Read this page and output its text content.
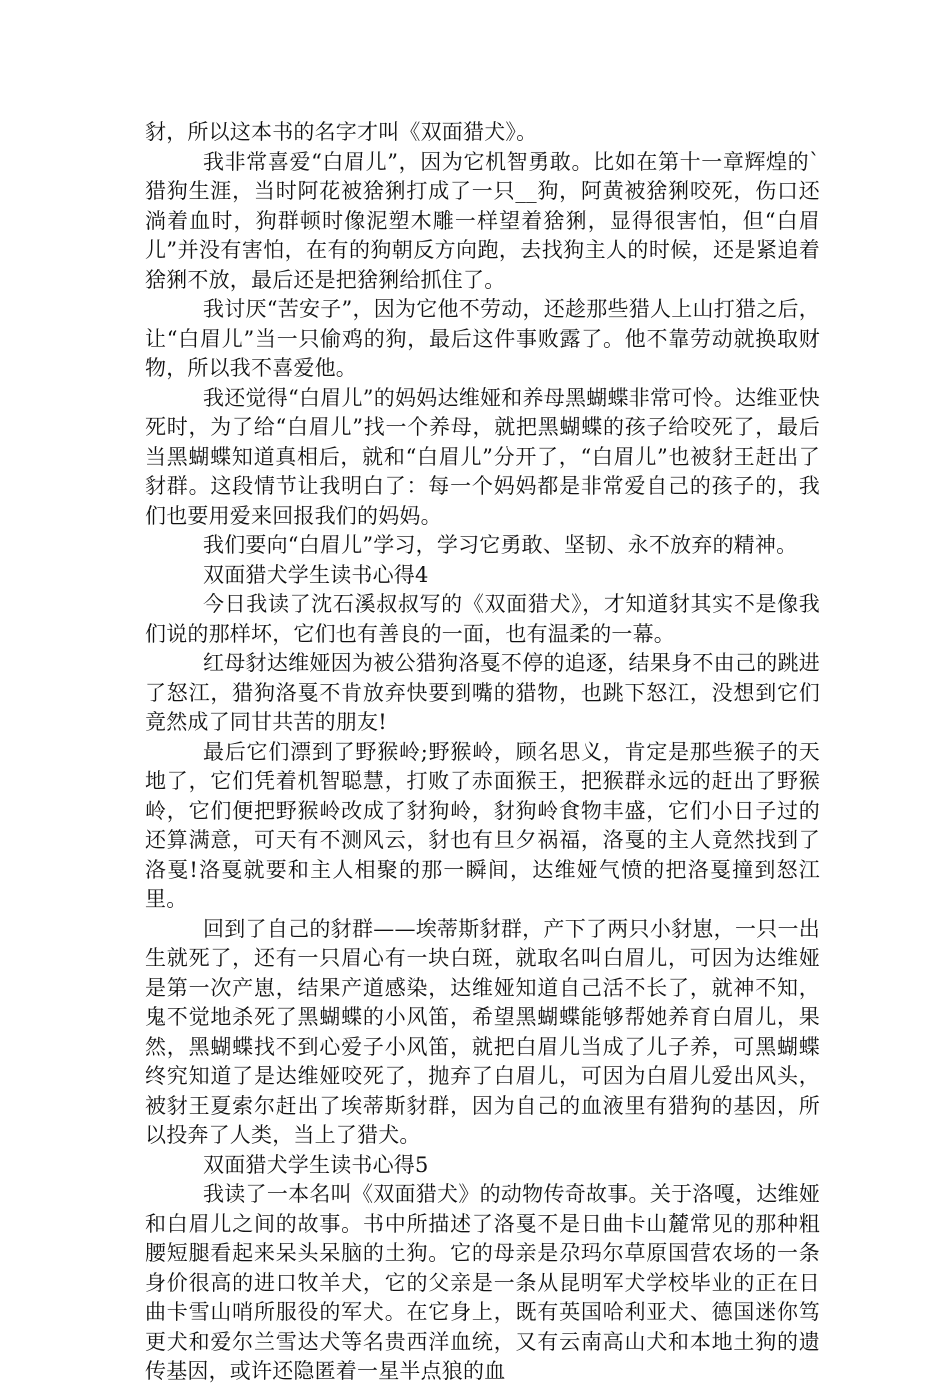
豺，所以这本书的名字才叫《双面猎犬》。

我非常喜爱“白眉儿”，因为它机智勇敢。比如在第十一章辉煌的`猎狗生涯，当时阿花被猞猁打成了一只__狗，阿黄被猞猁咬死，伤口还淌着血时，狗群顿时像泥塑木雕一样望着猞猁，显得很害怕，但“白眉儿”并没有害怕，在有的狗朝反方向跑，去找狗主人的时候，还是紧追着猞猁不放，最后还是把猞猁给抓住了。

我讨厌“苦安子”，因为它他不劳动，还趁那些猎人上山打猎之后，让“白眉儿”当一只偷鸡的狗，最后这件事败露了。他不靠劳动就换取财物，所以我不喜爱他。

我还觉得“白眉儿”的妈妈达维娅和养母黑蝴蝶非常可怜。达维亚快死时，为了给“白眉儿”找一个养母，就把黑蝴蝶的孩子给咬死了，最后当黑蝴蝶知道真相后，就和“白眉儿”分开了，“白眉儿”也被豺王赶出了豺群。这段情节让我明白了：每一个妈妈都是非常爱自己的孩子的，我们也要用爱来回报我们的妈妈。

我们要向“白眉儿”学习，学习它勇敢、坚韧、永不放弃的精神。

双面猎犬学生读书心得4

今日我读了沈石溪叔叔写的《双面猎犬》，才知道豺其实不是像我们说的那样坏，它们也有善良的一面，也有温柔的一幕。

红母豺达维娅因为被公猎狗洛戛不停的追逐，结果身不由己的跳进了怒江，猎狗洛戛不肯放弃快要到嘴的猎物，也跳下怒江，没想到它们竟然成了同甘共苦的朋友!

最后它们漂到了野猴岭;野猴岭，顾名思义，肯定是那些猴子的天地了，它们凭着机智聪慧，打败了赤面猴王，把猴群永远的赶出了野猴岭，它们便把野猴岭改成了豺狗岭，豺狗岭食物丰盛，它们小日子过的还算满意，可天有不测风云，豺也有旦夕祸福，洛戛的主人竟然找到了洛戛!洛戛就要和主人相聚的那一瞬间，达维娅气愤的把洛戛撞到怒江里。

回到了自己的豺群——埃蒂斯豺群，产下了两只小豺崽，一只一出生就死了，还有一只眉心有一块白斑，就取名叫白眉儿，可因为达维娅是第一次产崽，结果产道感染，达维娅知道自己活不长了，就神不知，鬼不觉地杀死了黑蝴蝶的小风笛，希望黑蝴蝶能够帮她养育白眉儿，果然，黑蝴蝶找不到心爱子小风笛，就把白眉儿当成了儿子养，可黑蝴蝶终究知道了是达维娅咬死了，抛弃了白眉儿，可因为白眉儿爱出风头，被豺王夏索尔赶出了埃蒂斯豺群，因为自己的血液里有猎狗的基因，所以投奔了人类，当上了猎犬。

双面猎犬学生读书心得5

我读了一本名叫《双面猎犬》的动物传奇故事。关于洛嘎，达维娅和白眉儿之间的故事。书中所描述了洛戛不是日曲卡山麓常见的那种粗腰短腿看起来呆头呆脑的土狗。它的母亲是尕玛尔草原国营农场的一条身价很高的进口牧羊犬，它的父亲是一条从昆明军犬学校毕业的正在日曲卡雪山哨所服役的军犬。在它身上，既有英国哈利亚犬、德国迷你笃更犬和爱尔兰雪达犬等名贵西洋血统，又有云南高山犬和本地土狗的遗传基因，或许还隐匿着一星半点狼的血
